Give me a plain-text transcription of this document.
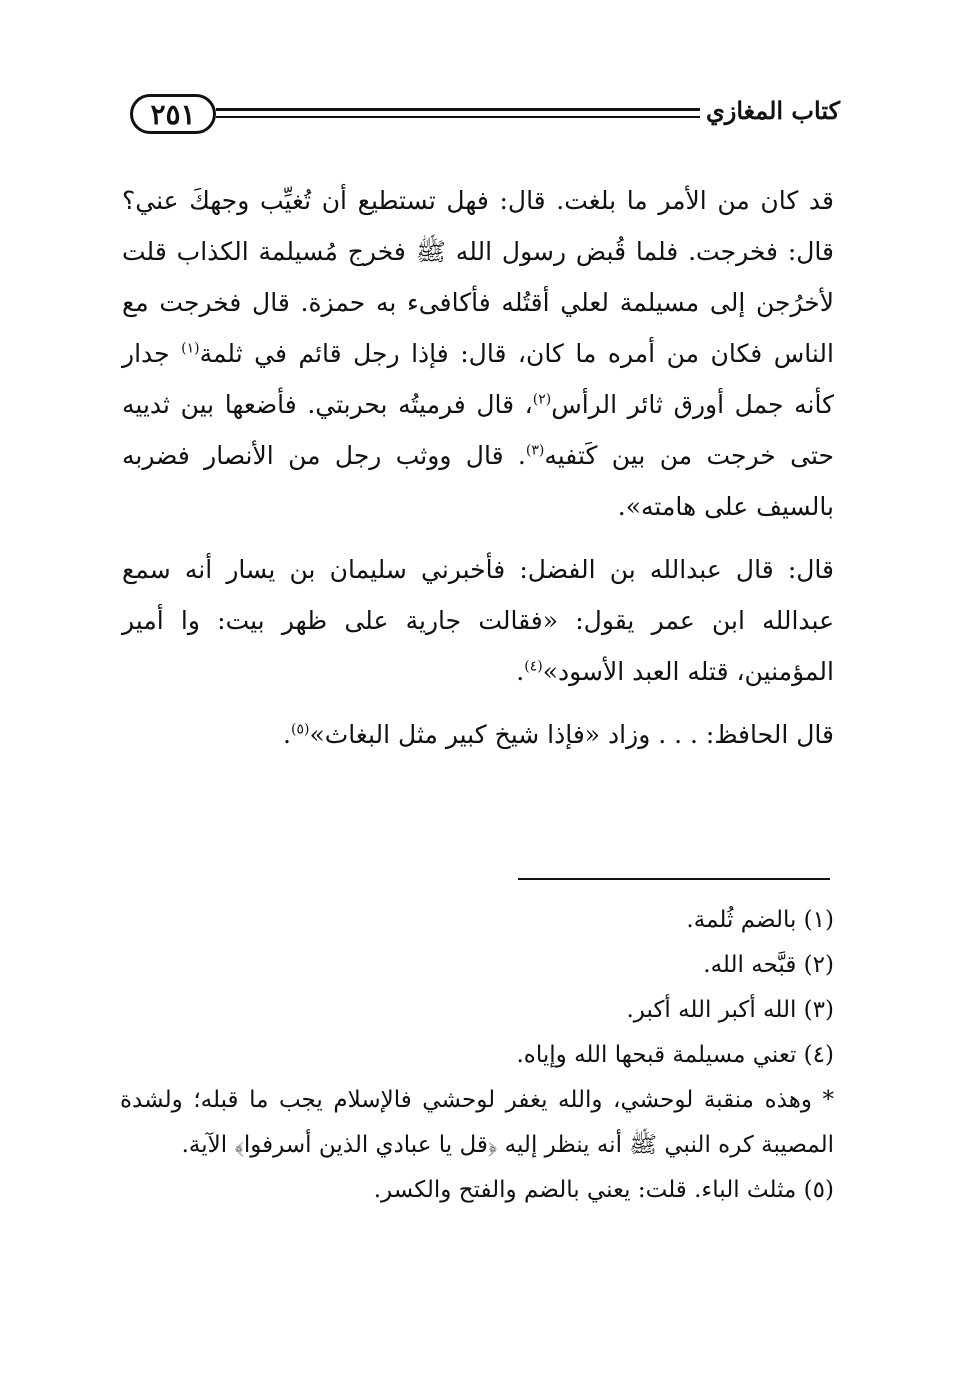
٢٥١	كتاب المغازي

قد كان من الأمر ما بلغت. قال: فهل تستطيع أن تُغيِّب وجهكَ عني؟ قال: فخرجت. فلما قُبض رسول الله ﷺ فخرج مُسيلمة الكذاب قلت لأخرُجن إلى مسيلمة لعلي أقتُله فأكافىء به حمزة. قال فخرجت مع الناس فكان من أمره ما كان، قال: فإذا رجل قائم في ثلمة$^{(١)}$ جدار كأنه جمل أورق ثائر الرأس$^{(٢)}$، قال فرميتُه بحربتي. فأضعها بين ثدييه حتى خرجت من بين كَتفيه$^{(٣)}$. قال ووثب رجل من الأنصار فضربه بالسيف على هامته».

قال: قال عبدالله بن الفضل: فأخبرني سليمان بن يسار أنه سمع عبدالله ابن عمر يقول: «فقالت جارية على ظهر بيت: وا أمير المؤمنين، قتله العبد الأسود»$^{(٤)}$.

قال الحافظ: . . . وزاد «فإذا شيخ كبير مثل البغاث»$^{(٥)}$.

(١) بالضم ثُلمة.
(٢) قبَّحه الله.
(٣) الله أكبر الله أكبر.
(٤) تعني مسيلمة قبحها الله وإياه.
* وهذه منقبة لوحشي، والله يغفر لوحشي فالإسلام يجب ما قبله؛ ولشدة المصيبة كره النبي ﷺ أنه ينظر إليه ﴿قل يا عبادي الذين أسرفوا﴾ الآية.
(٥) مثلث الباء. قلت: يعني بالضم والفتح والكسر.
